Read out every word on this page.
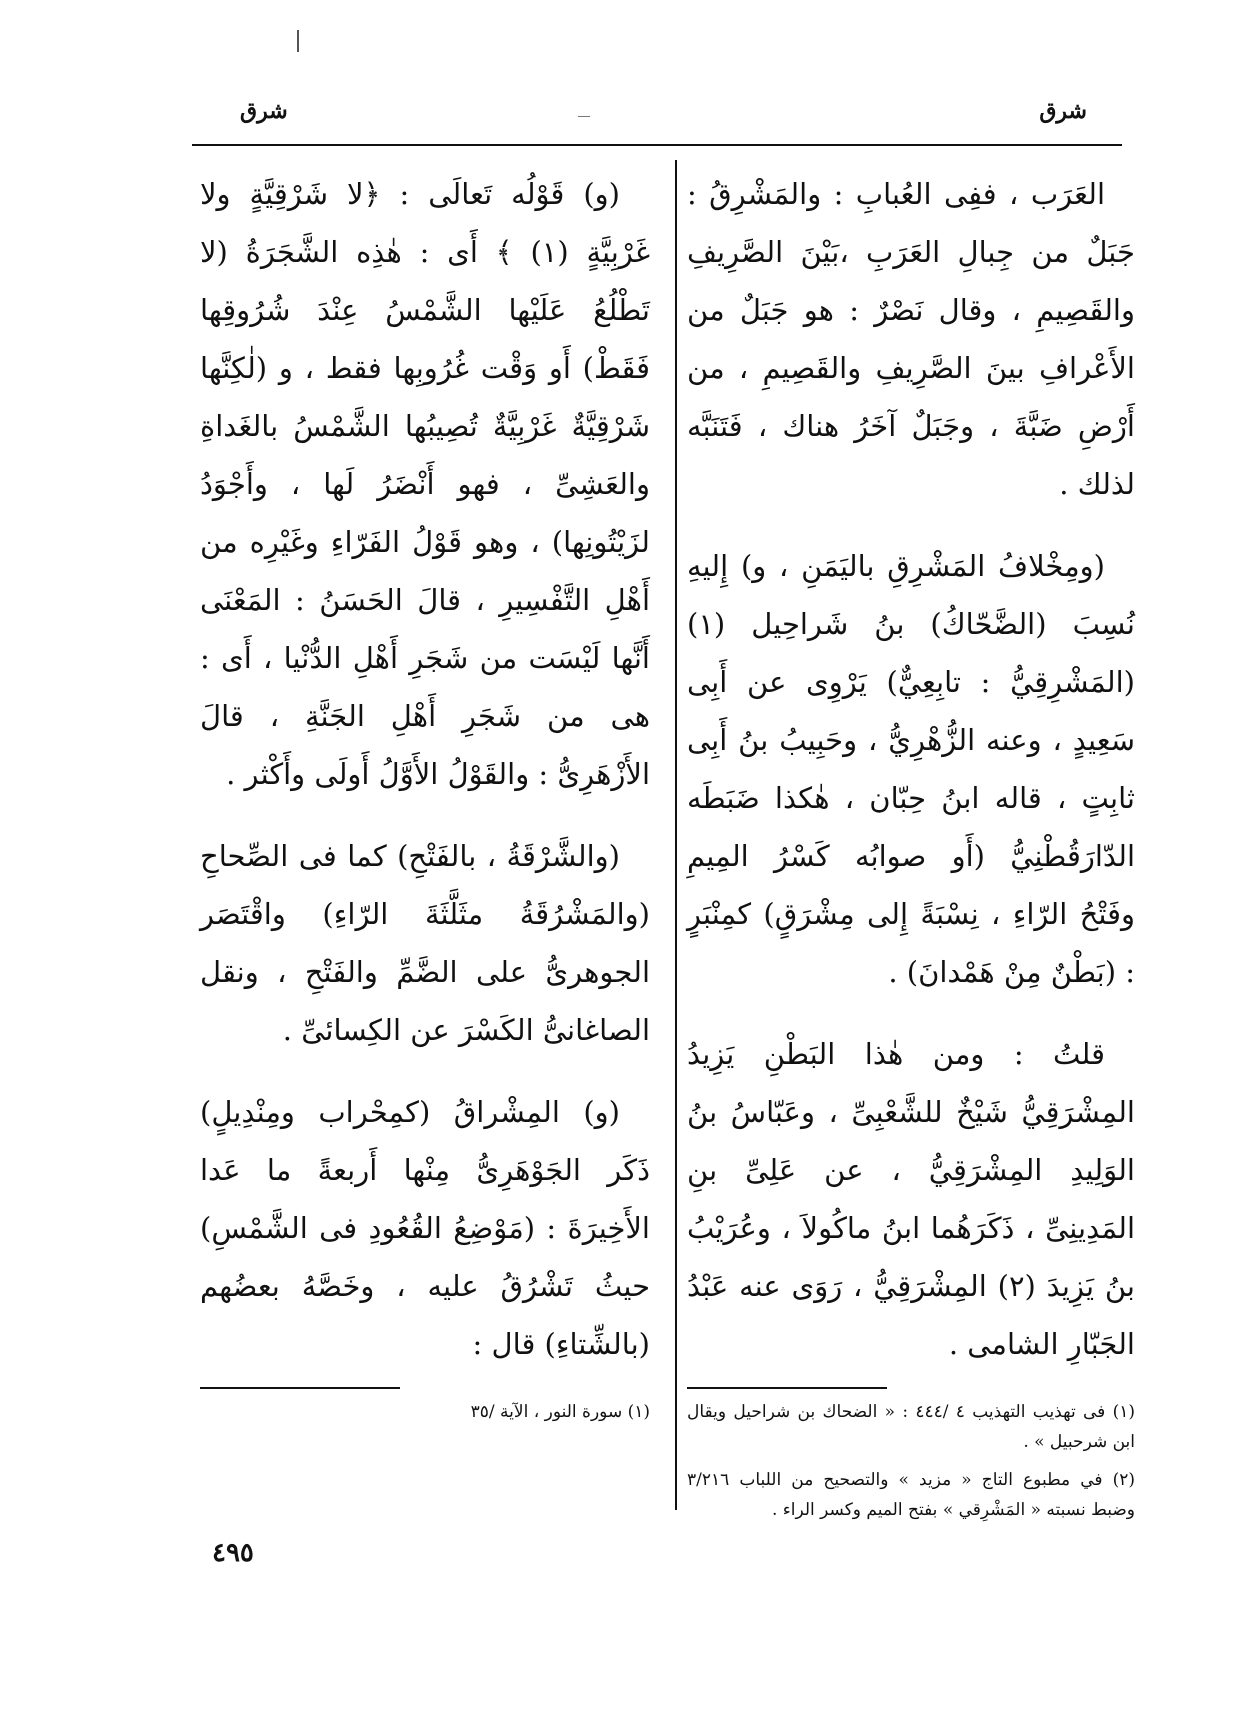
شرق
شرق

العَرَب ، ففِى العُبابِ : والمَشْرِقُ : جَبَلٌ من جِبالِ العَرَبِ ،بَيْنَ الصَّرِيفِ والقَصِيمِ ، وقال نَصْرٌ : هو جَبَلٌ من الأَعْرافِ بينَ الصَّرِيفِ والقَصِيمِ ، من أَرْضِ ضَبَّةَ ، وجَبَلٌ آخَرُ هناك ، فَتَنَبَّه لذلك .

(ومِخْلافُ المَشْرِقِ باليَمَنِ ، و) إِليهِ نُسِبَ (الضَّحّاكُ) بنُ شَراحِيل (١) (المَشْرِقِيُّ : تابِعِيٌّ) يَرْوِى عن أَبِى سَعِيدٍ ، وعنه الزُّهْرِيُّ ، وحَبِيبُ بنُ أَبِى ثابِتٍ ، قاله ابنُ حِبّان ، هٰكذا ضَبَطَه الدّارَقُطْنِيُّ (أَو صوابُه كَسْرُ المِيمِ وفَتْحُ الرّاءِ ، نِسْبَةً إِلى مِشْرَقٍ) كمِنْبَرٍ : (بَطْنٌ مِنْ هَمْدانَ) .

قلتُ : ومن هٰذا البَطْنِ يَزِيدُ المِشْرَقِيُّ شَيْخٌ للشَّعْبِىِّ ، وعَبّاسُ بنُ الوَلِيدِ المِشْرَقِيُّ ، عن عَلِىِّ بنِ المَدِينِىِّ ، ذَكَرَهُما ابنُ ماكُولاَ ، وعُرَيْبُ بنُ يَزِيدَ (٢) المِشْرَقِيُّ ، رَوَى عنه عَبْدُ الجَبّارِ الشامى .

(١) فى تهذيب التهذيب ٤ /٤٤٤ : « الضحاك بن شراحيل ويقال ابن شرحبيل » .

(٢) في مطبوع التاج « مزيد » والتصحيح من اللباب ٣/٢١٦ وضبط نسبته « المَشْرِقي » بفتح الميم وكسر الراء .

(و) قَوْلُه تَعالَى : ﴿لا شَرْقِيَّةٍ ولا غَرْبِيَّةٍ (١) ﴾ أَى : هٰذِه الشَّجَرَةُ (لا تَطْلُعُ عَلَيْها الشَّمْسُ عِنْدَ شُرُوقِها فَقَطْ) أَو وَقْت غُرُوبِها فقط ، و (لٰكِنَّها شَرْقِيَّةٌ غَرْبِيَّةٌ تُصِيبُها الشَّمْسُ بالغَداةِ والعَشِىِّ ، فهو أَنْضَرُ لَها ، وأَجْوَدُ لزَيْتُونِها) ، وهو قَوْلُ الفَرّاءِ وغَيْرِه من أَهْلِ التَّفْسِيرِ ، قالَ الحَسَنُ : المَعْنَى أَنَّها لَيْسَت من شَجَرِ أَهْلِ الدُّنْيا ، أَى : هى من شَجَرِ أَهْلِ الجَنَّةِ ، قالَ الأَزْهَرِىُّ : والقَوْلُ الأَوَّلُ أَولَى وأَكْثر .

(والشَّرْقَةُ ، بالفَتْحِ) كما فى الصِّحاحِ (والمَشْرُقَةُ مثَلَّثَةَ الرّاءِ) واقْتَصَر الجوهرىُّ على الضَّمِّ والفَتْحِ ، ونقل الصاغانىُّ الكَسْرَ عن الكِسائىِّ .

(و) المِشْراقُ (كمِحْراب ومِنْدِيلٍ) ذَكَر الجَوْهَرِىُّ مِنْها أَربعةً ما عَدا الأَخِيرَةَ : (مَوْضِعُ القُعُودِ فى الشَّمْسِ) حيثُ تَشْرُقُ عليه ، وخَصَّهُ بعضُهم (بالشِّتاءِ) قال :

(١) سورة النور ، الآية /٣٥

٤٩٥
